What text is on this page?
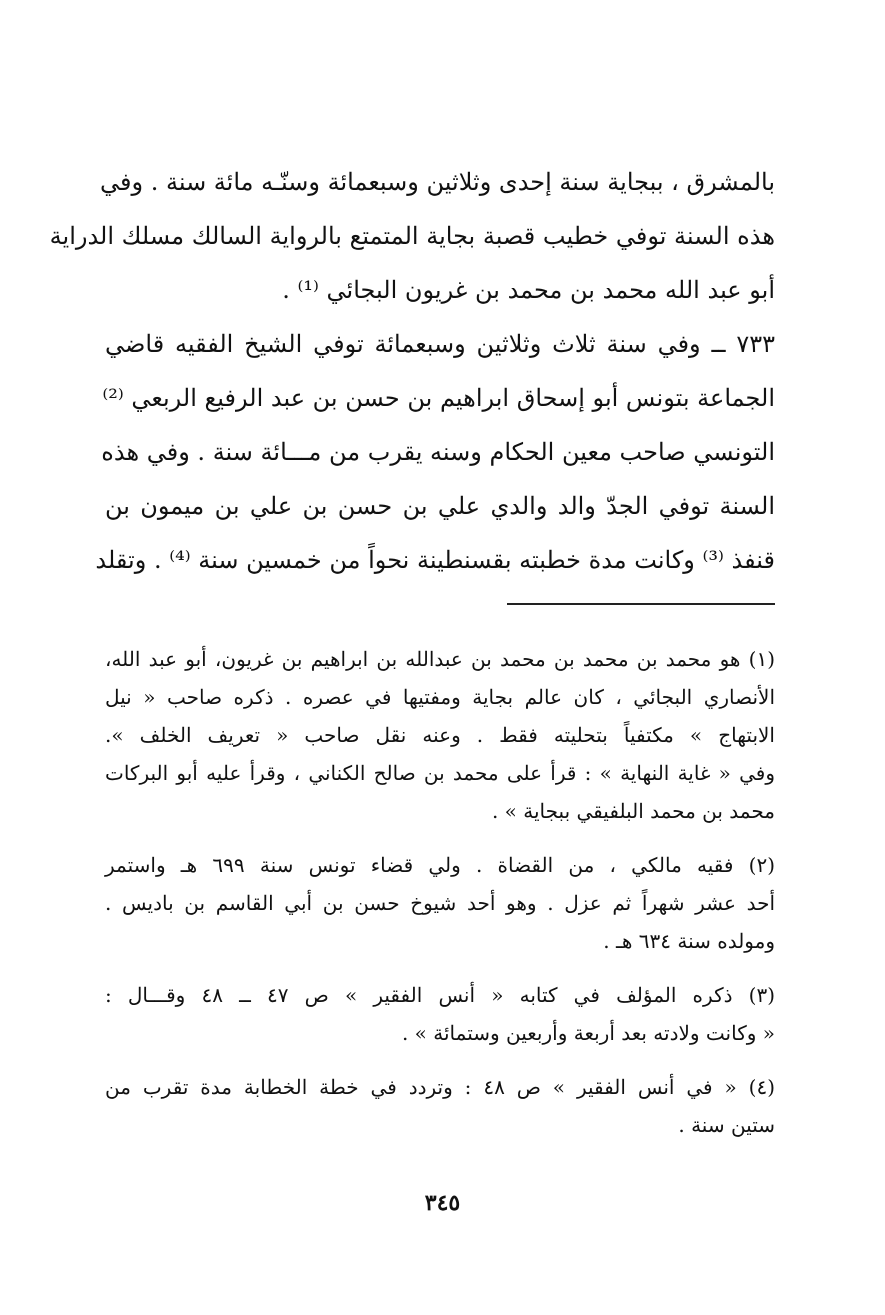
بالمشرق ، ببجاية سنة إحدى وثلاثين وسبعمائة وسنّـه مائة سنة . وفي
هذه السنة توفي خطيب قصبة بجاية المتمتع بالرواية السالك مسلك الدراية
أبو عبد الله محمد بن محمد بن غريون البجائي ⁽¹⁾ .
٧٣٣ ــ وفي سنة ثلاث وثلاثين وسبعمائة توفي الشيخ الفقيه قاضي
الجماعة بتونس أبو إسحاق ابراهيم بن حسن بن عبد الرفيع الربعي ⁽²⁾
التونسي صاحب معين الحكام وسنه يقرب من مـــائة سنة . وفي هذه
السنة توفي الجدّ والد والدي علي بن حسن بن علي بن ميمون بن
قنفذ ⁽³⁾ وكانت مدة خطبته بقسنطينة نحواً من خمسين سنة ⁽⁴⁾ . وتقلد
(١) هو محمد بن محمد بن محمد بن عبدالله بن ابراهيم بن غريون، أبو عبد الله،
الأنصاري البجائي ، كان عالم بجاية ومفتيها في عصره . ذكره صاحب « نيل
الابتهاج » مكتفياً بتحليته فقط . وعنه نقل صاحب « تعريف الخلف ».
وفي « غاية النهاية » : قرأ على محمد بن صالح الكناني ، وقرأ عليه أبو البركات
محمد بن محمد البلفيقي ببجاية » .
(٢) فقيه مالكي ، من القضاة . ولي قضاء تونس سنة ٦٩٩ هـ واستمر
أحد عشر شهراً ثم عزل . وهو أحد شيوخ حسن بن أبي القاسم بن باديس .
ومولده سنة ٦٣٤ هـ .
(٣) ذكره المؤلف في كتابه « أنس الفقير » ص ٤٧ ــ ٤٨ وقـــال :
« وكانت ولادته بعد أربعة وأربعين وستمائة » .
(٤) « في أنس الفقير » ص ٤٨ : وتردد في خطة الخطابة مدة تقرب من
ستين سنة .
٣٤٥
